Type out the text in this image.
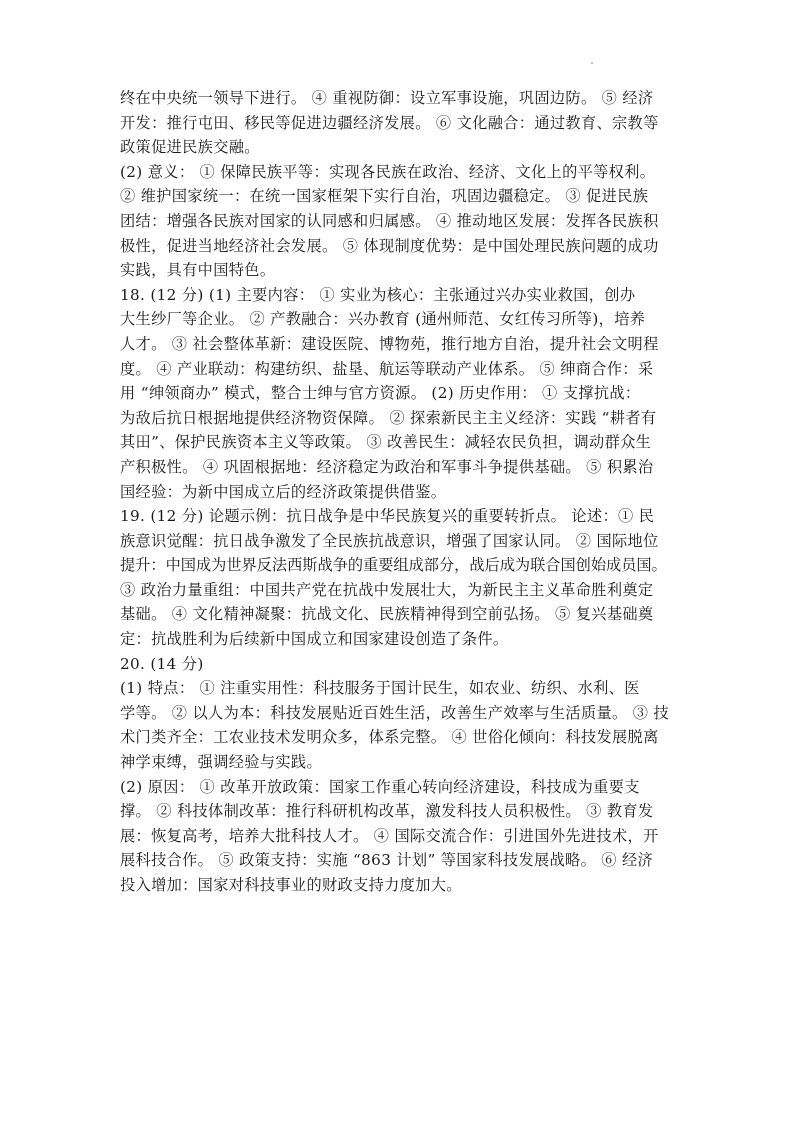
终在中央统一领导下进行。 ④ 重视防御：设立军事设施，巩固边防。 ⑤ 经济
开发：推行屯田、移民等促进边疆经济发展。 ⑥ 文化融合：通过教育、宗教等
政策促进民族交融。
(2) 意义： ① 保障民族平等：实现各民族在政治、经济、文化上的平等权利。
② 维护国家统一：在统一国家框架下实行自治，巩固边疆稳定。 ③ 促进民族
团结：增强各民族对国家的认同感和归属感。 ④ 推动地区发展：发挥各民族积
极性，促进当地经济社会发展。 ⑤ 体现制度优势：是中国处理民族问题的成功
实践，具有中国特色。
18. (12 分) (1) 主要内容： ① 实业为核心：主张通过兴办实业救国，创办
大生纱厂等企业。 ② 产教融合：兴办教育 (通州师范、女红传习所等)，培养
人才。 ③ 社会整体革新：建设医院、博物苑，推行地方自治，提升社会文明程
度。 ④ 产业联动：构建纺织、盐垦、航运等联动产业体系。 ⑤ 绅商合作：采
用 “绅领商办” 模式，整合士绅与官方资源。 (2) 历史作用： ① 支撑抗战：
为敌后抗日根据地提供经济物资保障。 ② 探索新民主主义经济：实践 “耕者有
其田”、保护民族资本主义等政策。 ③ 改善民生：减轻农民负担，调动群众生
产积极性。 ④ 巩固根据地：经济稳定为政治和军事斗争提供基础。 ⑤ 积累治
国经验：为新中国成立后的经济政策提供借鉴。
19. (12 分) 论题示例：抗日战争是中华民族复兴的重要转折点。 论述：① 民
族意识觉醒：抗日战争激发了全民族抗战意识，增强了国家认同。 ② 国际地位
提升：中国成为世界反法西斯战争的重要组成部分，战后成为联合国创始成员国。
③ 政治力量重组：中国共产党在抗战中发展壮大，为新民主主义革命胜利奠定
基础。 ④ 文化精神凝聚：抗战文化、民族精神得到空前弘扬。 ⑤ 复兴基础奠
定：抗战胜利为后续新中国成立和国家建设创造了条件。
20. (14 分)
(1) 特点： ① 注重实用性：科技服务于国计民生，如农业、纺织、水利、医
学等。 ② 以人为本：科技发展贴近百姓生活，改善生产效率与生活质量。 ③ 技
术门类齐全：工农业技术发明众多，体系完整。 ④ 世俗化倾向：科技发展脱离
神学束缚，强调经验与实践。
(2) 原因： ① 改革开放政策：国家工作重心转向经济建设，科技成为重要支
撑。 ② 科技体制改革：推行科研机构改革，激发科技人员积极性。 ③ 教育发
展：恢复高考，培养大批科技人才。 ④ 国际交流合作：引进国外先进技术，开
展科技合作。 ⑤ 政策支持：实施 “863 计划” 等国家科技发展战略。 ⑥ 经济
投入增加：国家对科技事业的财政支持力度加大。
